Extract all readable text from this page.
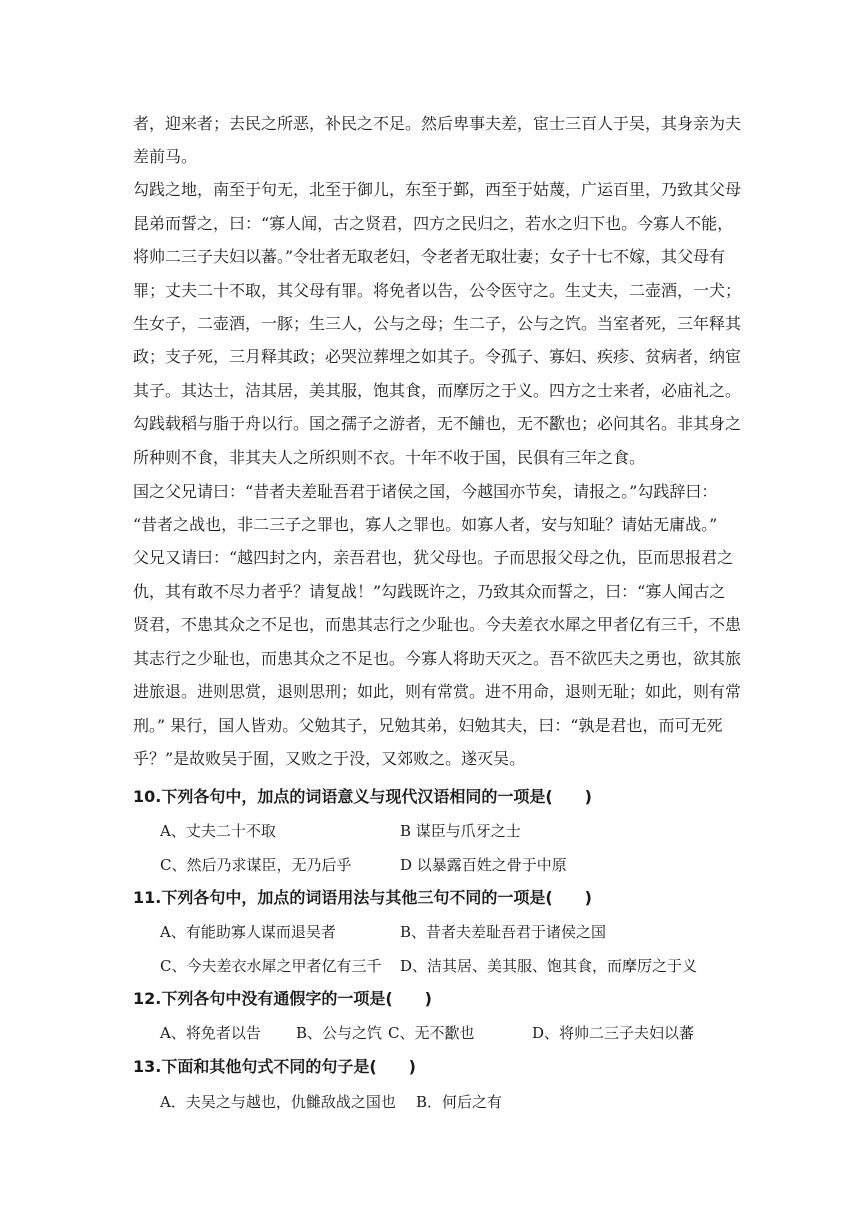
者，迎来者；去民之所恶，补民之不足。然后卑事夫差，宦士三百人于吴，其身亲为夫
差前马。
勾践之地，南至于句无，北至于御儿，东至于鄞，西至于姑蔑，广运百里，乃致其父母
昆弟而誓之，曰：“寡人闻，古之贤君，四方之民归之，若水之归下也。今寡人不能，
将帅二三子夫妇以蕃。”令壮者无取老妇，令老者无取壮妻；女子十七不嫁，其父母有
罪；丈夫二十不取，其父母有罪。将免者以告，公令医守之。生丈夫，二壶酒，一犬；
生女子，二壶酒，一豚；生三人，公与之母；生二子，公与之饩。当室者死，三年释其
政；支子死，三月释其政；必哭泣葬埋之如其子。令孤子、寡妇、疾疹、贫病者，纳宦
其子。其达士，洁其居，美其服，饱其食，而摩厉之于义。四方之士来者，必庙礼之。
勾践载稻与脂于舟以行。国之孺子之游者，无不餔也，无不歠也；必问其名。非其身之
所种则不食，非其夫人之所织则不衣。十年不收于国，民俱有三年之食。
国之父兄请曰：“昔者夫差耻吾君于诸侯之国，今越国亦节矣，请报之。”勾践辞曰：
“昔者之战也，非二三子之罪也，寡人之罪也。如寡人者，安与知耻？请姑无庸战。”
父兄又请曰：“越四封之内，亲吾君也，犹父母也。子而思报父母之仇，臣而思报君之
仇，其有敢不尽力者乎？请复战！”勾践既许之，乃致其众而誓之，曰：“寡人闻古之
贤君，不患其众之不足也，而患其志行之少耻也。今夫差衣水犀之甲者亿有三千，不患
其志行之少耻也，而患其众之不足也。今寡人将助天灭之。吾不欲匹夫之勇也，欲其旅
进旅退。进则思赏，退则思刑；如此，则有常赏。进不用命，退则无耻；如此，则有常
刑。” 果行，国人皆劝。父勉其子，兄勉其弟，妇勉其夫，曰：“孰是君也，而可无死
乎？”是故败吴于囿，又败之于没，又郊败之。遂灭吴。
10.下列各句中，加点的词语意义与现代汉语相同的一项是(　　)
A、丈夫二十不取	B 谋臣与爪牙之士
C、然后乃求谋臣，无乃后乎	D 以暴露百姓之骨于中原
11.下列各句中，加点的词语用法与其他三句不同的一项是(　　)
A、有能助寡人谋而退吴者	B、昔者夫差耻吾君于诸侯之国
C、今夫差衣水犀之甲者亿有三千 D、洁其居、美其服、饱其食，而摩厉之于义
12.下列各句中没有通假字的一项是(　　)
A、将免者以告 B、公与之饩 C、无不歠也	D、将帅二三子夫妇以蕃
13.下面和其他句式不同的句子是(　　)
A．夫吴之与越也，仇雠敌战之国也 B．何后之有
